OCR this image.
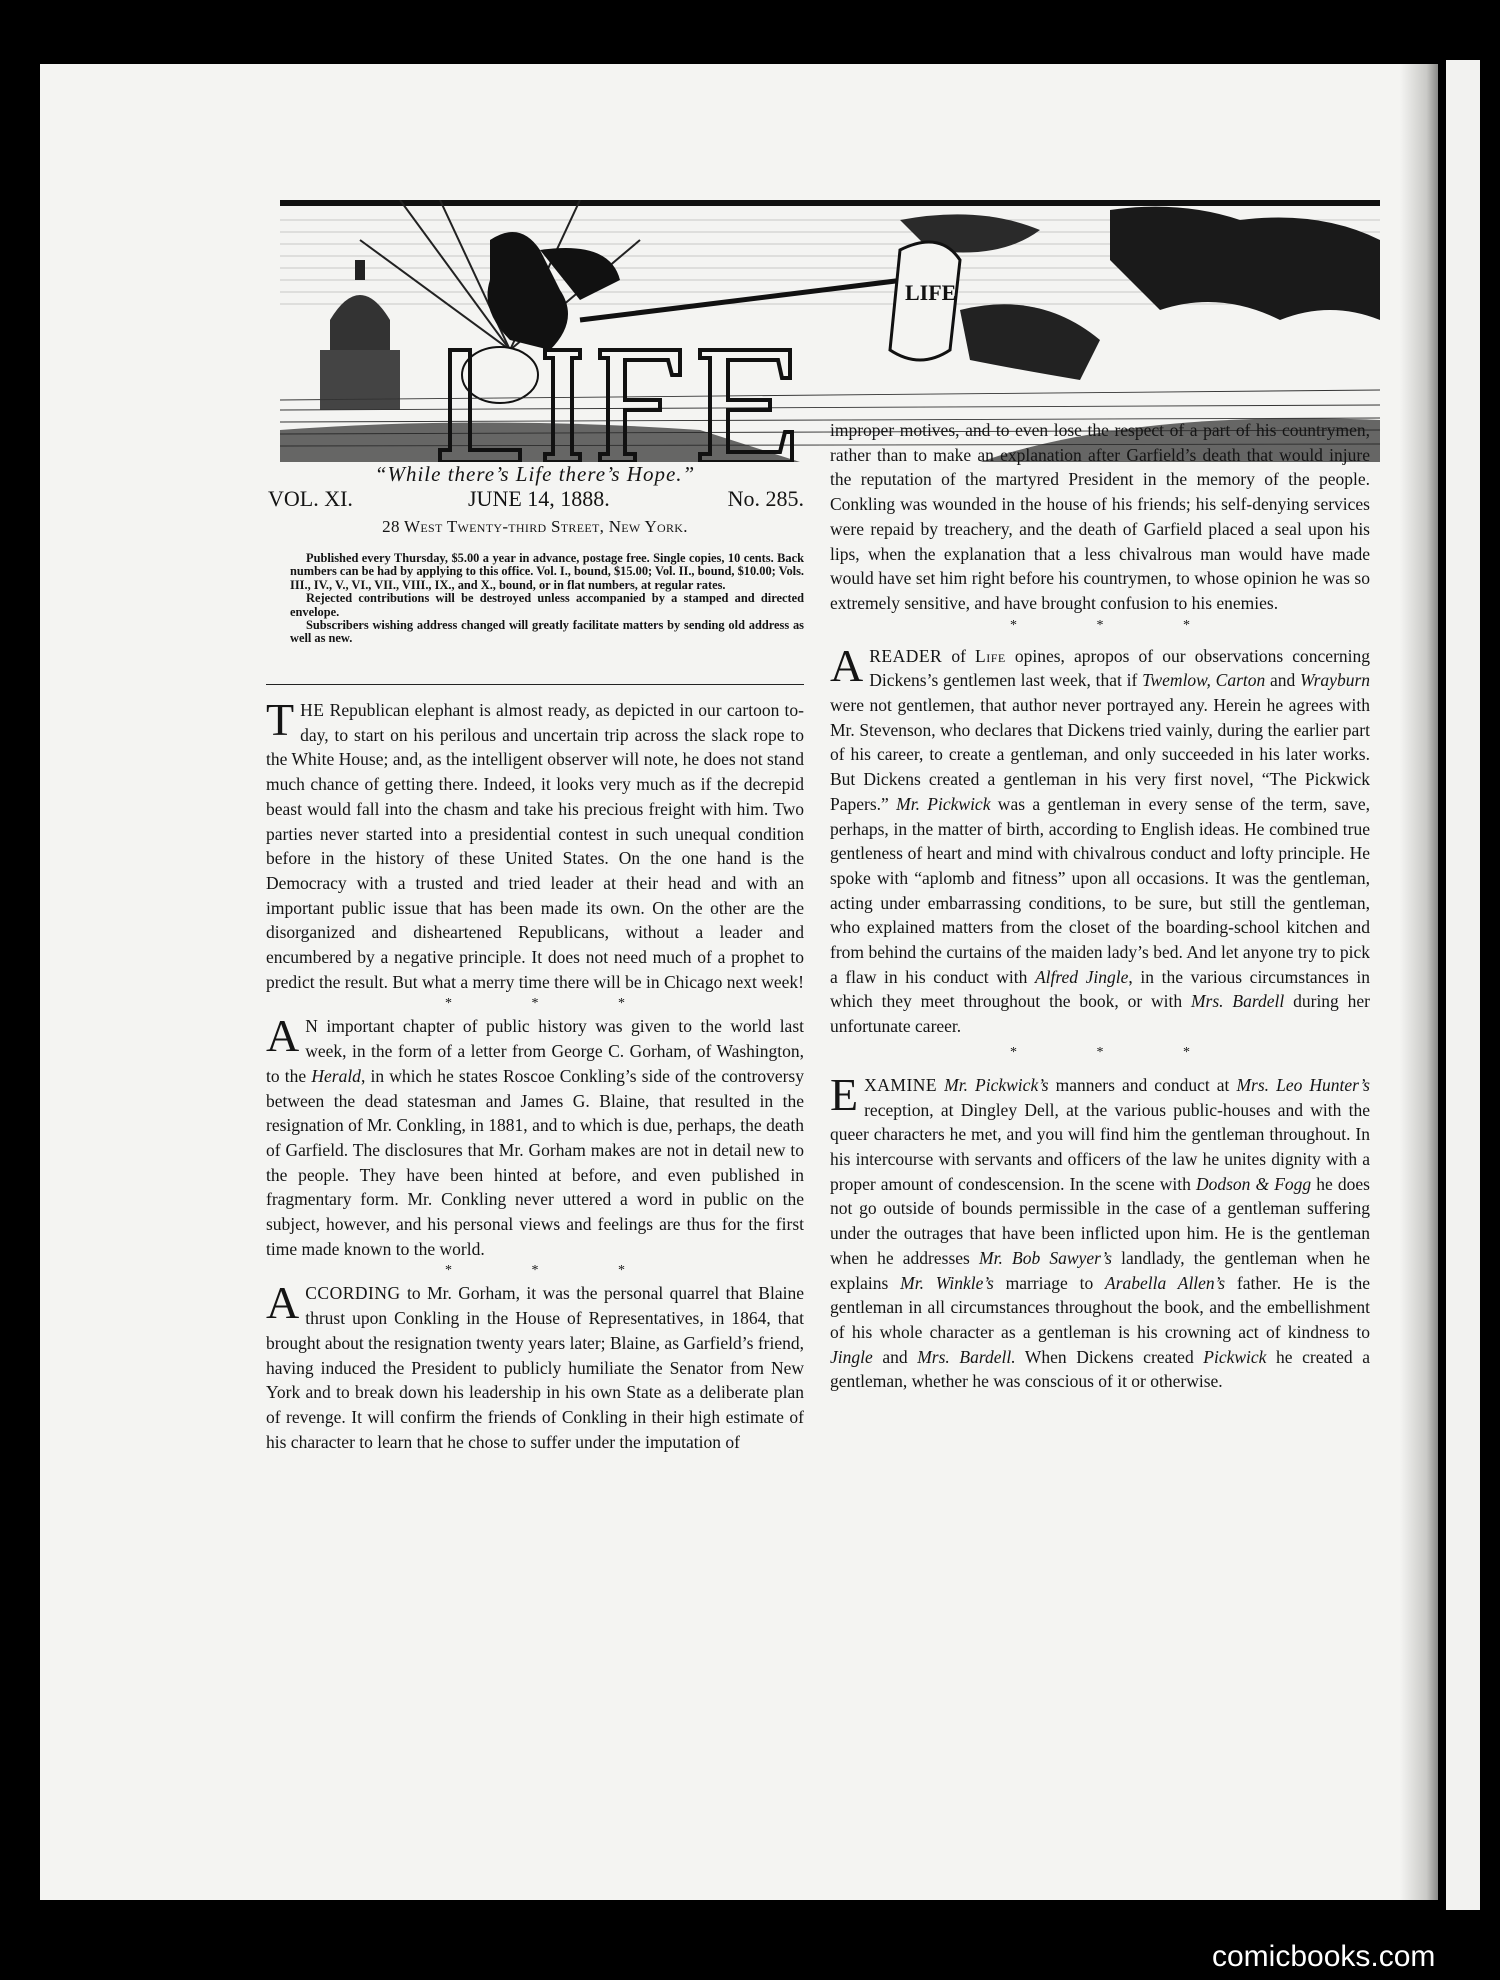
LIFE
“While there’s Life there’s Hope.”
VOL. XI.	JUNE 14, 1888.	No. 285.
28 West Twenty-third Street, New York.

Published every Thursday, $5.00 a year in advance, postage free. Single copies, 10 cents. Back numbers can be had by applying to this office. Vol. I., bound, $15.00; Vol. II., bound, $10.00; Vols. III., IV., V., VI., VII., VIII., IX., and X., bound, or in flat numbers, at regular rates.

Rejected contributions will be destroyed unless accompanied by a stamped and directed envelope.

Subscribers wishing address changed will greatly facilitate matters by sending old address as well as new.

THE Republican elephant is almost ready, as depicted in our cartoon to-day, to start on his perilous and uncertain trip across the slack rope to the White House; and, as the intelligent observer will note, he does not stand much chance of getting there. Indeed, it looks very much as if the decrepid beast would fall into the chasm and take his precious freight with him. Two parties never started into a presidential contest in such unequal condition before in the history of these United States. On the one hand is the Democracy with a trusted and tried leader at their head and with an important public issue that has been made its own. On the other are the disorganized and disheartened Republicans, without a leader and encumbered by a negative principle. It does not need much of a prophet to predict the result. But what a merry time there will be in Chicago next week!

* * *

A N important chapter of public history was given to the world last week, in the form of a letter from George C. Gorham, of Washington, to the Herald, in which he states Roscoe Conkling’s side of the controversy between the dead statesman and James G. Blaine, that resulted in the resignation of Mr. Conkling, in 1881, and to which is due, perhaps, the death of Garfield. The disclosures that Mr. Gorham makes are not in detail new to the people. They have been hinted at before, and even published in fragmentary form. Mr. Conkling never uttered a word in public on the subject, however, and his personal views and feelings are thus for the first time made known to the world.

* * *

ACCORDING to Mr. Gorham, it was the personal quarrel that Blaine thrust upon Conkling in the House of Representatives, in 1864, that brought about the resignation twenty years later; Blaine, as Garfield’s friend, having induced the President to publicly humiliate the Senator from New York and to break down his leadership in his own State as a deliberate plan of revenge. It will confirm the friends of Conkling in their high estimate of his character to learn that he chose to suffer under the imputation of

improper motives, and to even lose the respect of a part of his countrymen, rather than to make an explanation after Garfield’s death that would injure the reputation of the martyred President in the memory of the people. Conkling was wounded in the house of his friends; his self-denying services were repaid by treachery, and the death of Garfield placed a seal upon his lips, when the explanation that a less chivalrous man would have made would have set him right before his countrymen, to whose opinion he was so extremely sensitive, and have brought confusion to his enemies.

* * *

A READER of Life opines, apropos of our observations concerning Dickens’s gentlemen last week, that if Twemlow, Carton and Wrayburn were not gentlemen, that author never portrayed any. Herein he agrees with Mr. Stevenson, who declares that Dickens tried vainly, during the earlier part of his career, to create a gentleman, and only succeeded in his later works. But Dickens created a gentleman in his very first novel, “The Pickwick Papers.” Mr. Pickwick was a gentleman in every sense of the term, save, perhaps, in the matter of birth, according to English ideas. He combined true gentleness of heart and mind with chivalrous conduct and lofty principle. He spoke with “aplomb and fitness” upon all occasions. It was the gentleman, acting under embarrassing conditions, to be sure, but still the gentleman, who explained matters from the closet of the boarding-school kitchen and from behind the curtains of the maiden lady’s bed. And let anyone try to pick a flaw in his conduct with Alfred Jingle, in the various circumstances in which they meet throughout the book, or with Mrs. Bardell during her unfortunate career.

* * *

EXAMINE Mr. Pickwick’s manners and conduct at Mrs. Leo Hunter’s reception, at Dingley Dell, at the various public-houses and with the queer characters he met, and you will find him the gentleman throughout. In his intercourse with servants and officers of the law he unites dignity with a proper amount of condescension. In the scene with Dodson & Fogg he does not go outside of bounds permissible in the case of a gentleman suffering under the outrages that have been inflicted upon him. He is the gentleman when he addresses Mr. Bob Sawyer’s landlady, the gentleman when he explains Mr. Winkle’s marriage to Arabella Allen’s father. He is the gentleman in all circumstances throughout the book, and the embellishment of his whole character as a gentleman is his crowning act of kindness to Jingle and Mrs. Bardell. When Dickens created Pickwick he created a gentleman, whether he was conscious of it or otherwise.

comicbooks.com
